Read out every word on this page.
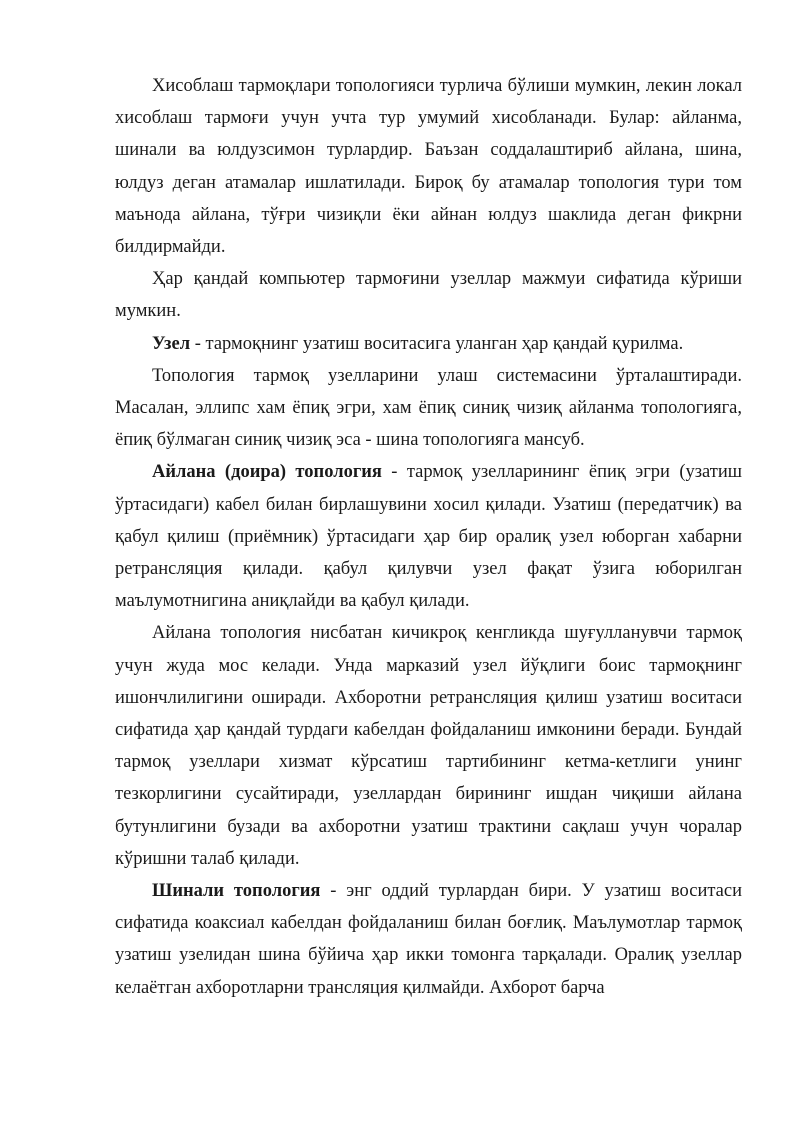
Хисоблаш тармоқлари топологияси турлича бўлиши мумкин, лекин локал хисоблаш тармоғи учун учта тур умумий хисобланади. Булар: айланма, шинали ва юлдузсимон турлардир. Баъзан соддалаштириб айлана, шина, юлдуз деган атамалар ишлатилади. Бироқ бу атамалар топология тури том маънода айлана, тўғри чизиқли ёки айнан юлдуз шаклида деган фикрни билдирмайди.

Ҳар қандай компьютер тармоғини узеллар мажмуи сифатида кўриши мумкин.

Узел - тармоқнинг узатиш воситасига уланган ҳар қандай қурилма.

Топология тармоқ узелларини улаш системасини ўрталаштиради. Масалан, эллипс хам ёпиқ эгри, хам ёпиқ синиқ чизиқ айланма топологияга, ёпиқ бўлмаган синиқ чизиқ эса - шина топологияга мансуб.

Айлана (доира) топология - тармоқ узелларининг ёпиқ эгри (узатиш ўртасидаги) кабел билан бирлашувини хосил қилади. Узатиш (передатчик) ва қабул қилиш (приёмник) ўртасидаги ҳар бир оралиқ узел юборган хабарни ретрансляция қилади. қабул қилувчи узел фақат ўзига юборилган маълумотнигина аниқлайди ва қабул қилади.

Айлана топология нисбатан кичикроқ кенгликда шуғулланувчи тармоқ учун жуда мос келади. Унда марказий узел йўқлиги боис тармоқнинг ишончлилигини оширади. Ахборотни ретрансляция қилиш узатиш воситаси сифатида ҳар қандай турдаги кабелдан фойдаланиш имконини беради. Бундай тармоқ узеллари хизмат кўрсатиш тартибининг кетма-кетлиги унинг тезкорлигини сусайтиради, узеллардан бирининг ишдан чиқиши айлана бутунлигини бузади ва ахборотни узатиш трактини сақлаш учун чоралар кўришни талаб қилади.

Шинали топология - энг оддий турлардан бири. У узатиш воситаси сифатида коаксиал кабелдан фойдаланиш билан боғлиқ. Маълумотлар тармоқ узатиш узелидан шина бўйича ҳар икки томонга тарқалади. Оралиқ узеллар келаётган ахборотларни трансляция қилмайди. Ахборот барча
